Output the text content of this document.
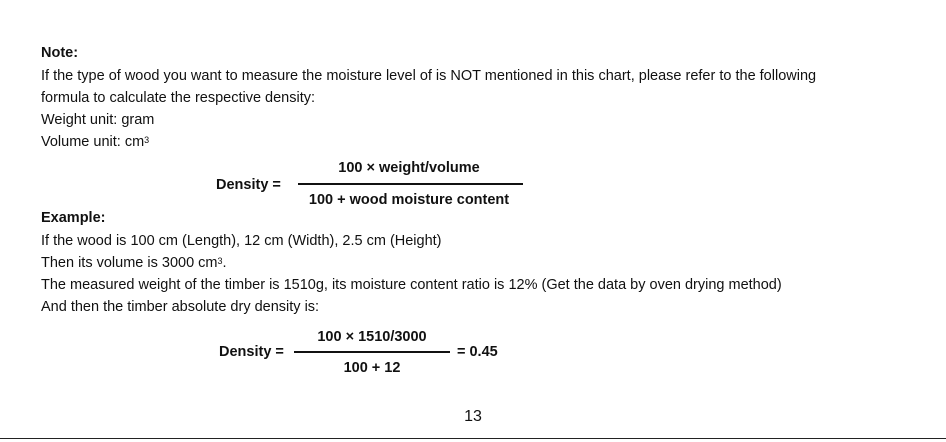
Note:
If the type of wood you want to measure the moisture level of is NOT mentioned in this chart, please refer to the following
formula to calculate the respective density:
Weight unit: gram
Volume unit: $cm^3$
Density =
100 × weight/volume
100 + wood moisture content
Example:
If the wood is 100 cm (Length), 12 cm (Width), 2.5 cm (Height)
Then its volume is 3000 $cm^3$.
The measured weight of the timber is 1510g, its moisture content ratio is 12% (Get the data by oven drying method)
And then the timber absolute dry density is:
Density =
100 × 1510/3000
100 + 12
= 0.45
13
